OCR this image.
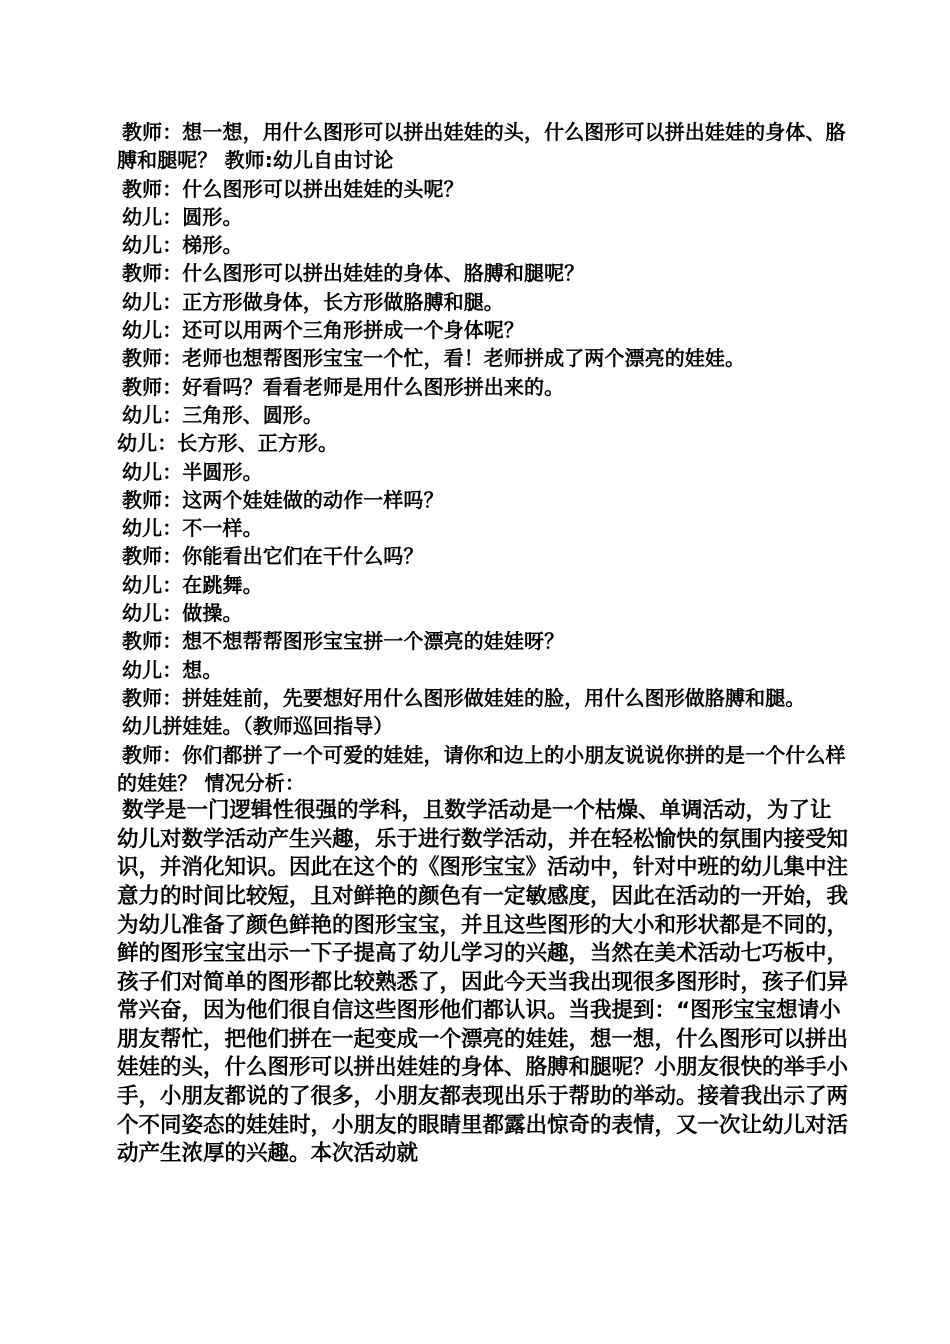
教师：想一想，用什么图形可以拼出娃娃的头，什么图形可以拼出娃娃的身体、胳膊和腿呢？ 教师:幼儿自由讨论

教师：什么图形可以拼出娃娃的头呢？

幼儿：圆形。

幼儿：梯形。

教师：什么图形可以拼出娃娃的身体、胳膊和腿呢？

幼儿：正方形做身体，长方形做胳膊和腿。

幼儿：还可以用两个三角形拼成一个身体呢？

教师：老师也想帮图形宝宝一个忙，看！老师拼成了两个漂亮的娃娃。

教师：好看吗？看看老师是用什么图形拼出来的。

幼儿：三角形、圆形。

幼儿：长方形、正方形。

幼儿：半圆形。

教师：这两个娃娃做的动作一样吗？

幼儿：不一样。

教师：你能看出它们在干什么吗？

幼儿：在跳舞。

幼儿：做操。

教师：想不想帮帮图形宝宝拼一个漂亮的娃娃呀？

幼儿：想。

教师：拼娃娃前，先要想好用什么图形做娃娃的脸，用什么图形做胳膊和腿。

幼儿拼娃娃。（教师巡回指导）

教师：你们都拼了一个可爱的娃娃，请你和边上的小朋友说说你拼的是一个什么样的娃娃？ 情况分析：

数学是一门逻辑性很强的学科，且数学活动是一个枯燥、单调活动，为了让幼儿对数学活动产生兴趣，乐于进行数学活动，并在轻松愉快的氛围内接受知识，并消化知识。因此在这个的《图形宝宝》活动中，针对中班的幼儿集中注意力的时间比较短，且对鲜艳的颜色有一定敏感度，因此在活动的一开始，我为幼儿准备了颜色鲜艳的图形宝宝，并且这些图形的大小和形状都是不同的，鲜的图形宝宝出示一下子提高了幼儿学习的兴趣，当然在美术活动七巧板中，孩子们对简单的图形都比较熟悉了，因此今天当我出现很多图形时，孩子们异常兴奋，因为他们很自信这些图形他们都认识。当我提到：“图形宝宝想请小朋友帮忙，把他们拼在一起变成一个漂亮的娃娃，想一想，什么图形可以拼出娃娃的头，什么图形可以拼出娃娃的身体、胳膊和腿呢？小朋友很快的举手小手，小朋友都说的了很多，小朋友都表现出乐于帮助的举动。接着我出示了两个不同姿态的娃娃时，小朋友的眼睛里都露出惊奇的表情，又一次让幼儿对活动产生浓厚的兴趣。本次活动就
